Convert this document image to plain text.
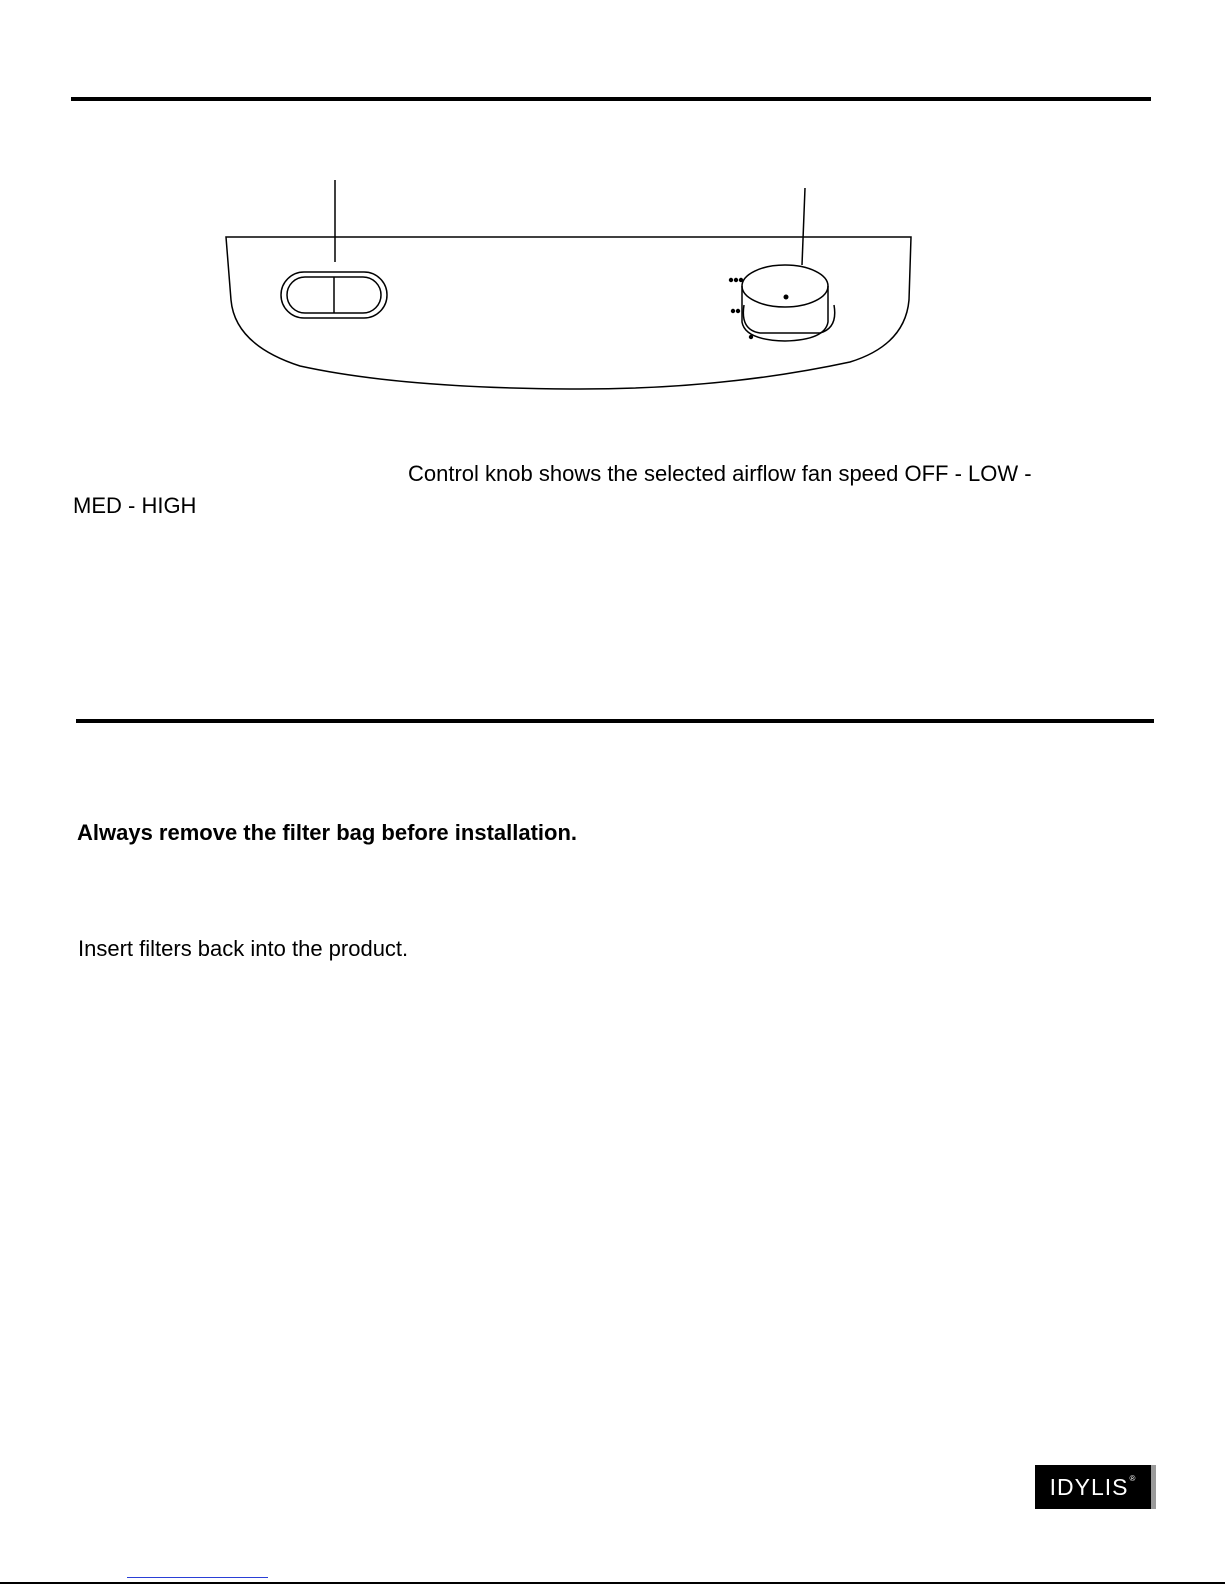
Control knob shows the selected airflow fan speed OFF - LOW -
MED - HIGH
Always remove the filter bag before installation.
Insert filters back into the product.
IDYLIS®
